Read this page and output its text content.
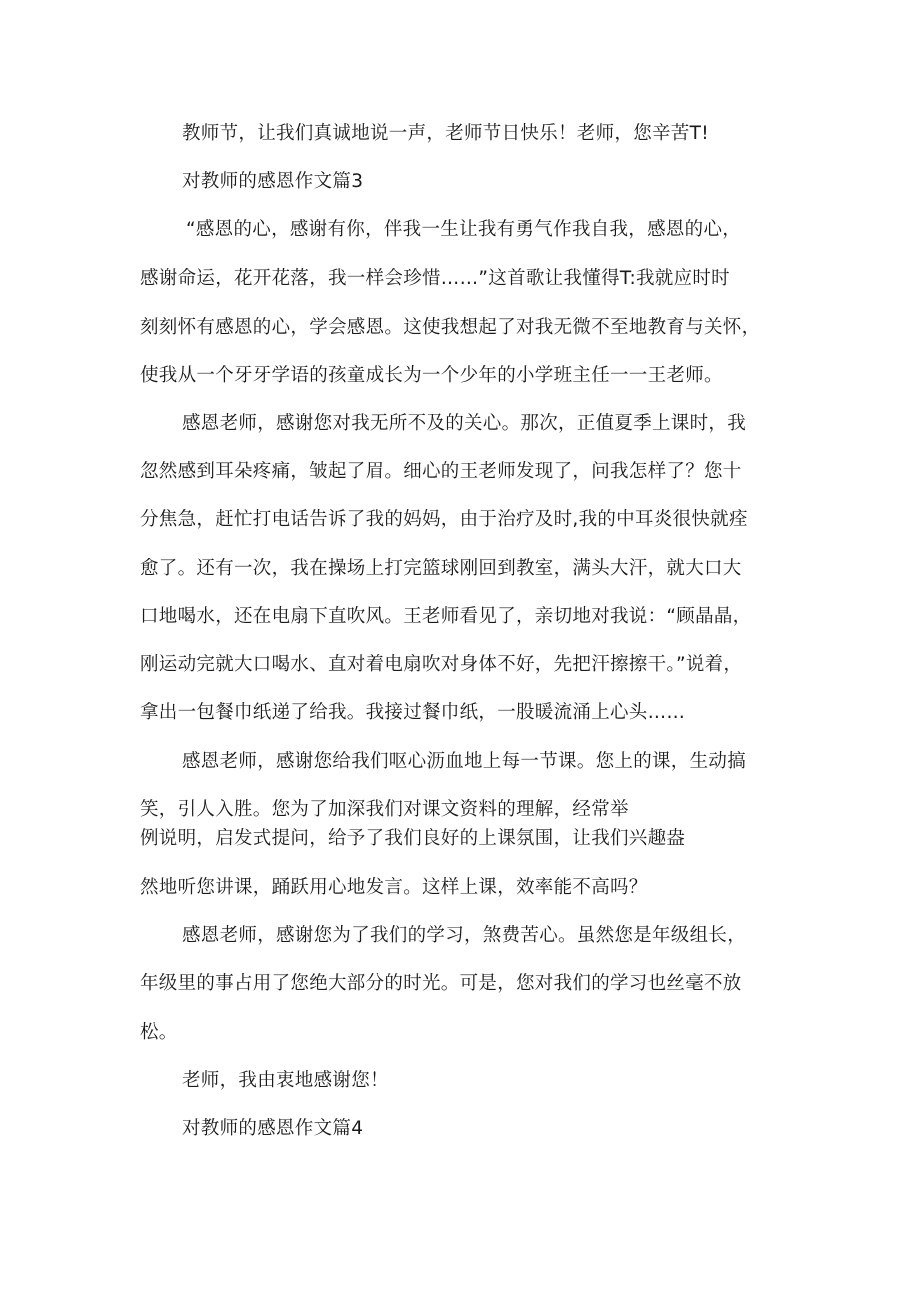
教师节，让我们真诚地说一声，老师节日快乐！老师，您辛苦T!
对教师的感恩作文篇3
“感恩的心，感谢有你，伴我一生让我有勇气作我自我，感恩的心，
感谢命运，花开花落，我一样会珍惜……”这首歌让我懂得T:我就应时时
刻刻怀有感恩的心，学会感恩。这使我想起了对我无微不至地教育与关怀，
使我从一个牙牙学语的孩童成长为一个少年的小学班主任一一王老师。
感恩老师，感谢您对我无所不及的关心。那次，正值夏季上课时，我
忽然感到耳朵疼痛，皱起了眉。细心的王老师发现了，问我怎样了？您十
分焦急，赶忙打电话告诉了我的妈妈，由于治疗及时,我的中耳炎很快就痊
愈了。还有一次，我在操场上打完篮球刚回到教室，满头大汗，就大口大
口地喝水，还在电扇下直吹风。王老师看见了，亲切地对我说：“顾晶晶，
刚运动完就大口喝水、直对着电扇吹对身体不好，先把汗擦擦干。”说着，
拿出一包餐巾纸递了给我。我接过餐巾纸，一股暖流涌上心头……
感恩老师，感谢您给我们呕心沥血地上每一节课。您上的课，生动搞
笑，引人入胜。您为了加深我们对课文资料的理解，经常举
例说明，启发式提问，给予了我们良好的上课氛围，让我们兴趣盎
然地听您讲课，踊跃用心地发言。这样上课，效率能不高吗？
感恩老师，感谢您为了我们的学习，煞费苦心。虽然您是年级组长，
年级里的事占用了您绝大部分的时光。可是，您对我们的学习也丝毫不放
松。
老师，我由衷地感谢您！
对教师的感恩作文篇4
